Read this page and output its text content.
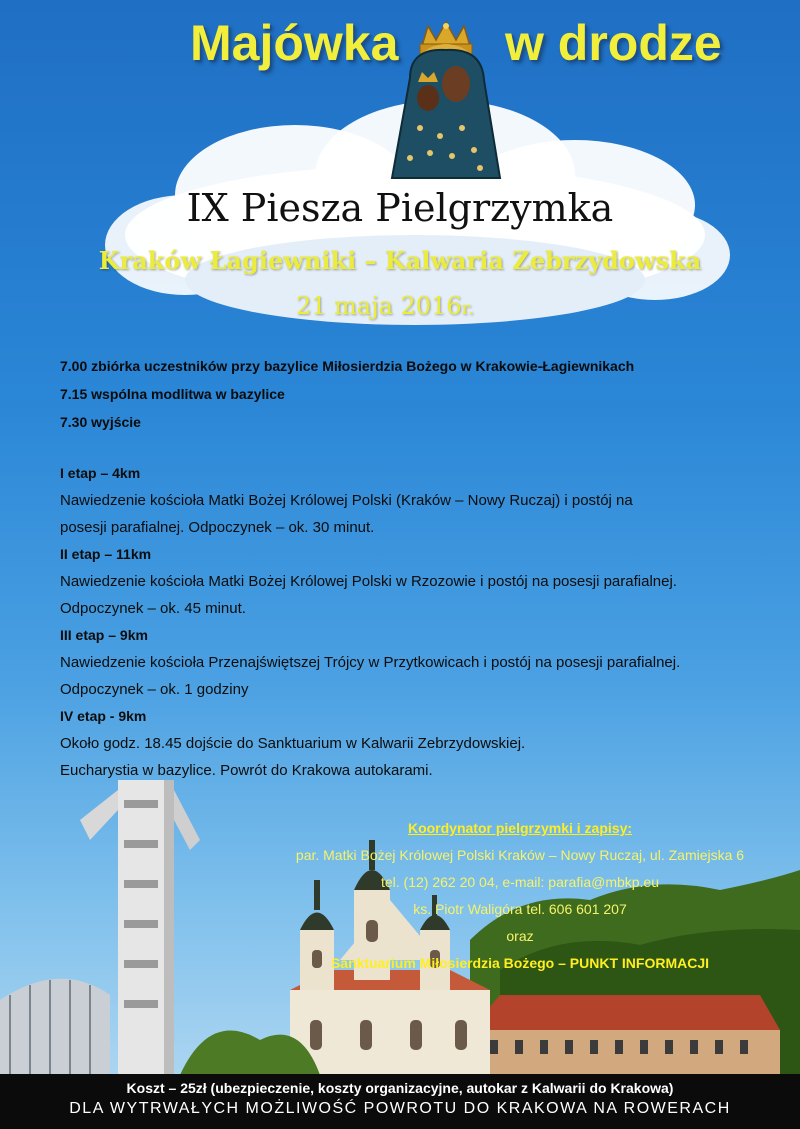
Majówka w drodze
IX Piesza Pielgrzymka
Kraków Łagiewniki – Kalwaria Zebrzydowska
21 maja 2016r.
7.00 zbiórka uczestników przy bazylice Miłosierdzia Bożego w Krakowie-Łagiewnikach
7.15 wspólna modlitwa w bazylice
7.30 wyjście
I etap – 4km
Nawiedzenie kościoła Matki Bożej Królowej Polski (Kraków – Nowy Ruczaj) i postój na
posesji parafialnej. Odpoczynek – ok. 30 minut.
II etap – 11km
Nawiedzenie kościoła Matki Bożej Królowej Polski w Rzozowie i postój na posesji parafialnej.
Odpoczynek – ok. 45 minut.
III etap – 9km
Nawiedzenie kościoła Przenajświętszej Trójcy w Przytkowicach i postój na posesji parafialnej.
Odpoczynek – ok. 1 godziny
IV etap - 9km
Około godz. 18.45 dojście do Sanktuarium w Kalwarii Zebrzydowskiej.
Eucharystia w bazylice. Powrót do Krakowa autokarami.
Koordynator pielgrzymki i zapisy:
par. Matki Bożej Królowej Polski Kraków – Nowy Ruczaj, ul. Zamiejska 6
tel. (12) 262 20 04, e-mail: parafia@mbkp.eu
ks. Piotr Waligóra tel. 606 601 207
oraz
Sanktuarium Miłosierdzia Bożego – PUNKT INFORMACJI
Koszt – 25zł (ubezpieczenie, koszty organizacyjne, autokar z Kalwarii do Krakowa)
DLA WYTRWAŁYCH MOŻLIWOŚĆ POWROTU DO KRAKOWA NA ROWERACH
